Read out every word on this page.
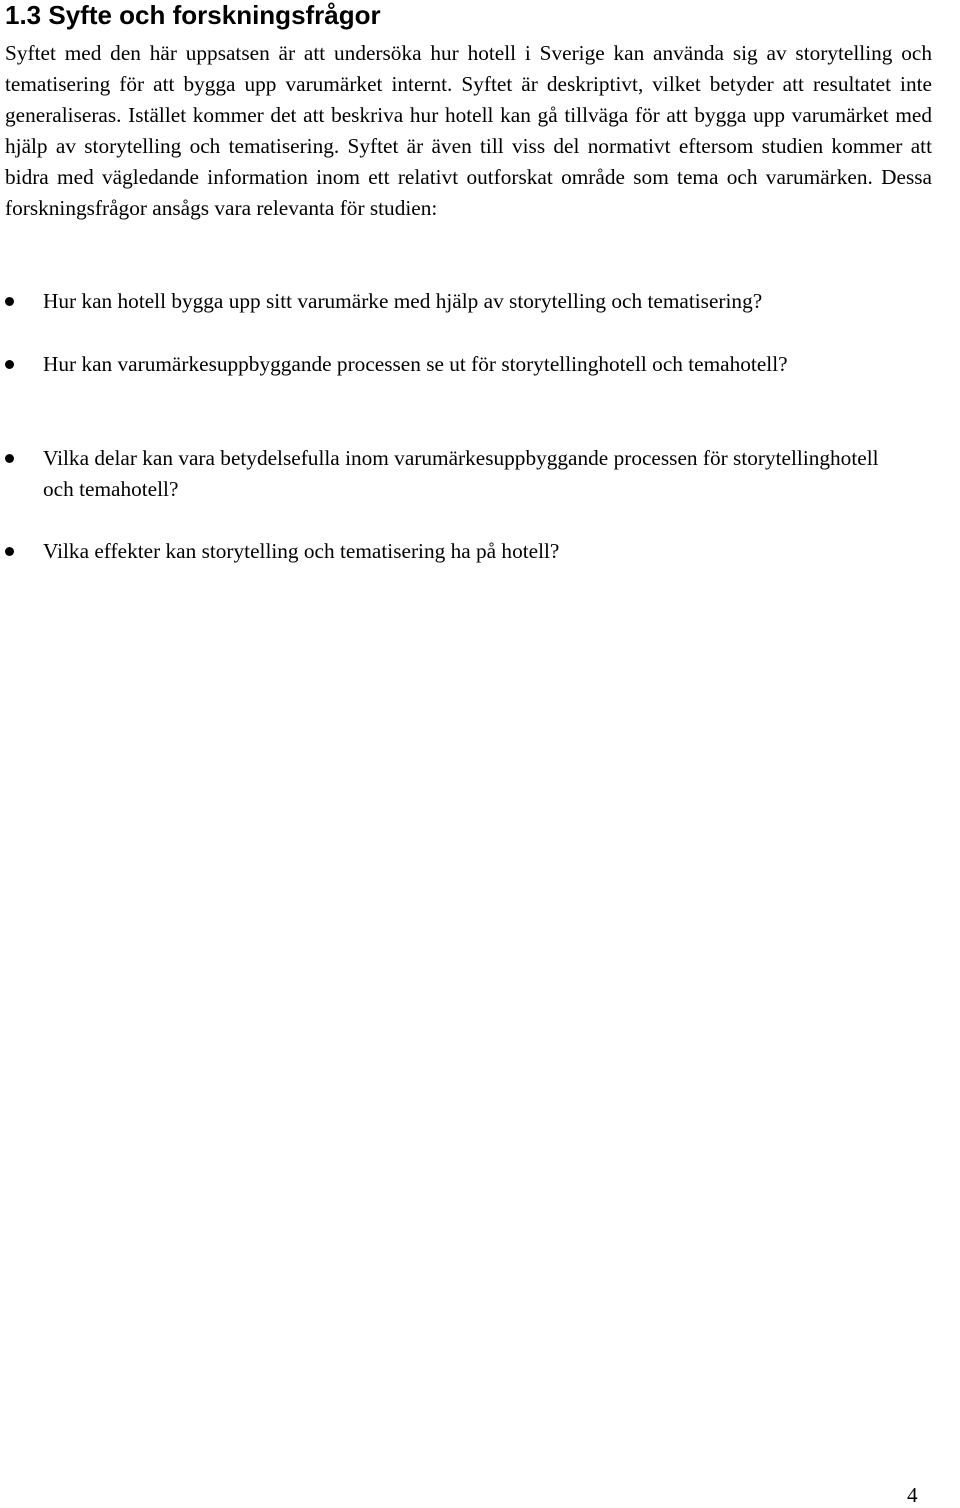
1.3 Syfte och forskningsfrågor

Syftet med den här uppsatsen är att undersöka hur hotell i Sverige kan använda sig av storytelling och tematisering för att bygga upp varumärket internt. Syftet är deskriptivt, vilket betyder att resultatet inte generaliseras. Istället kommer det att beskriva hur hotell kan gå tillväga för att bygga upp varumärket med hjälp av storytelling och tematisering. Syftet är även till viss del normativt eftersom studien kommer att bidra med vägledande information inom ett relativt outforskat område som tema och varumärken. Dessa forskningsfrågor ansågs vara relevanta för studien:

Hur kan hotell bygga upp sitt varumärke med hjälp av storytelling och tematisering?

Hur kan varumärkesuppbyggande processen se ut för storytellinghotell och temahotell?

Vilka delar kan vara betydelsefulla inom varumärkesuppbyggande processen för storytellinghotell och temahotell?

Vilka effekter kan storytelling och tematisering ha på hotell?

4
